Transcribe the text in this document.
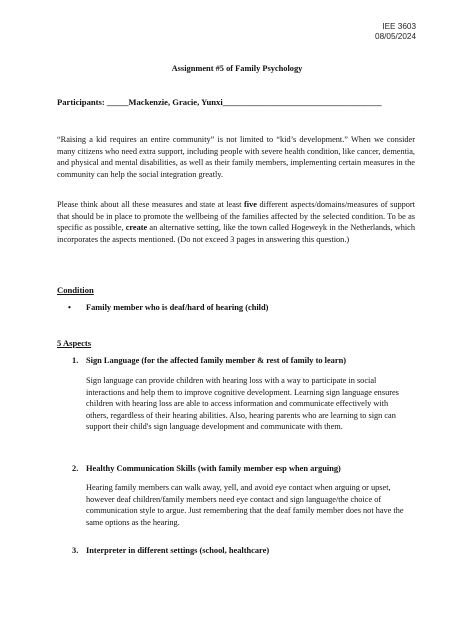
IEE 3603
08/05/2024
Assignment #5 of Family Psychology
Participants: _____Mackenzie, Gracie, Yunxi_____________________________________
“Raising a kid requires an entire community” is not limited to “kid’s development.” When we consider many citizens who need extra support, including people with severe health condition, like cancer, dementia, and physical and mental disabilities, as well as their family members, implementing certain measures in the community can help the social integration greatly.
Please think about all these measures and state at least five different aspects/domains/measures of support that should be in place to promote the wellbeing of the families affected by the selected condition. To be as specific as possible, create an alternative setting, like the town called Hogeweyk in the Netherlands, which incorporates the aspects mentioned. (Do not exceed 3 pages in answering this question.)
Condition
• Family member who is deaf/hard of hearing (child)
5 Aspects
1. Sign Language (for the affected family member & rest of family to learn)
Sign language can provide children with hearing loss with a way to participate in social interactions and help them to improve cognitive development. Learning sign language ensures children with hearing loss are able to access information and communicate effectively with others, regardless of their hearing abilities. Also, hearing parents who are learning to sign can support their child's sign language development and communicate with them.
2. Healthy Communication Skills (with family member esp when arguing)
Hearing family members can walk away, yell, and avoid eye contact when arguing or upset, however deaf children/family members need eye contact and sign language/the choice of communication style to argue. Just remembering that the deaf family member does not have the same options as the hearing.
3. Interpreter in different settings (school, healthcare)
